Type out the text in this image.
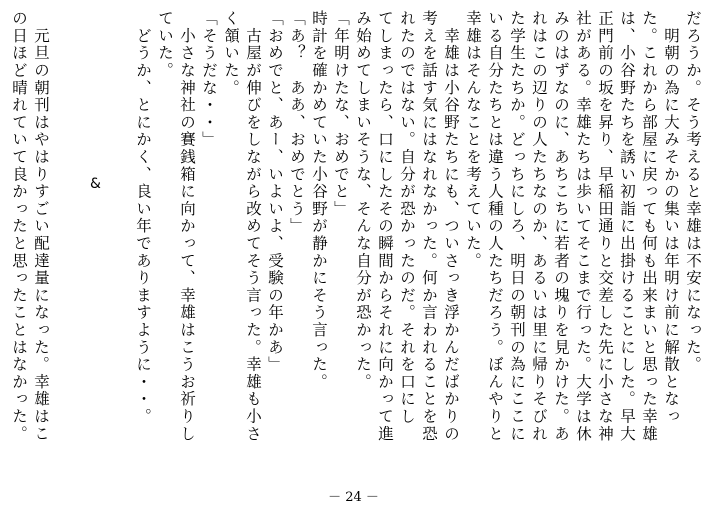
だろうか。そう考えると幸雄は不安になった。
　明朝の為に大みそかの集いは年明け前に解散となっ
た。これから部屋に戻っても何も出来まいと思った幸雄
は、小谷野たちを誘い初詣に出掛けることにした。早大
正門前の坂を昇り、早稲田通りと交差した先に小さな神
社がある。幸雄たちは歩いてそこまで行った。大学は休
みのはずなのに、あちこちに若者の塊りを見かけた。あ
れはこの辺りの人たちなのか、あるいは里に帰りそびれ
た学生たちか。どっちにしろ、明日の朝刊の為にここに
いる自分たちとは違う人種の人たちだろう。ぼんやりと
幸雄はそんなことを考えていた。
　幸雄は小谷野たちにも、ついさっき浮かんだばかりの
考えを話す気にはなれなかった。何か言われることを恐
れたのではない。自分が恐かったのだ。それを口にし
てしまったら、口にしたその瞬間からそれに向かって進
み始めてしまいそうな、そんな自分が恐かった。
「年明けたな、おめでと」
時計を確かめていた小谷野が静かにそう言った。
「あ？　ああ、おめでとう」
「おめでと、あー、いよいよ、受験の年かあ」
　古屋が伸びをしながら改めてそう言った。幸雄も小さ
く頷いた。
「そうだな・・」
　小さな神社の賽銭箱に向かって、幸雄はこうお祈りし
ていた。
　どうか、とにかく、良い年でありますように・・。
　元旦の朝刊はやはりすごい配達量になった。幸雄はこ
の日ほど晴れていて良かったと思ったことはなかった。	&
－ 24 －
